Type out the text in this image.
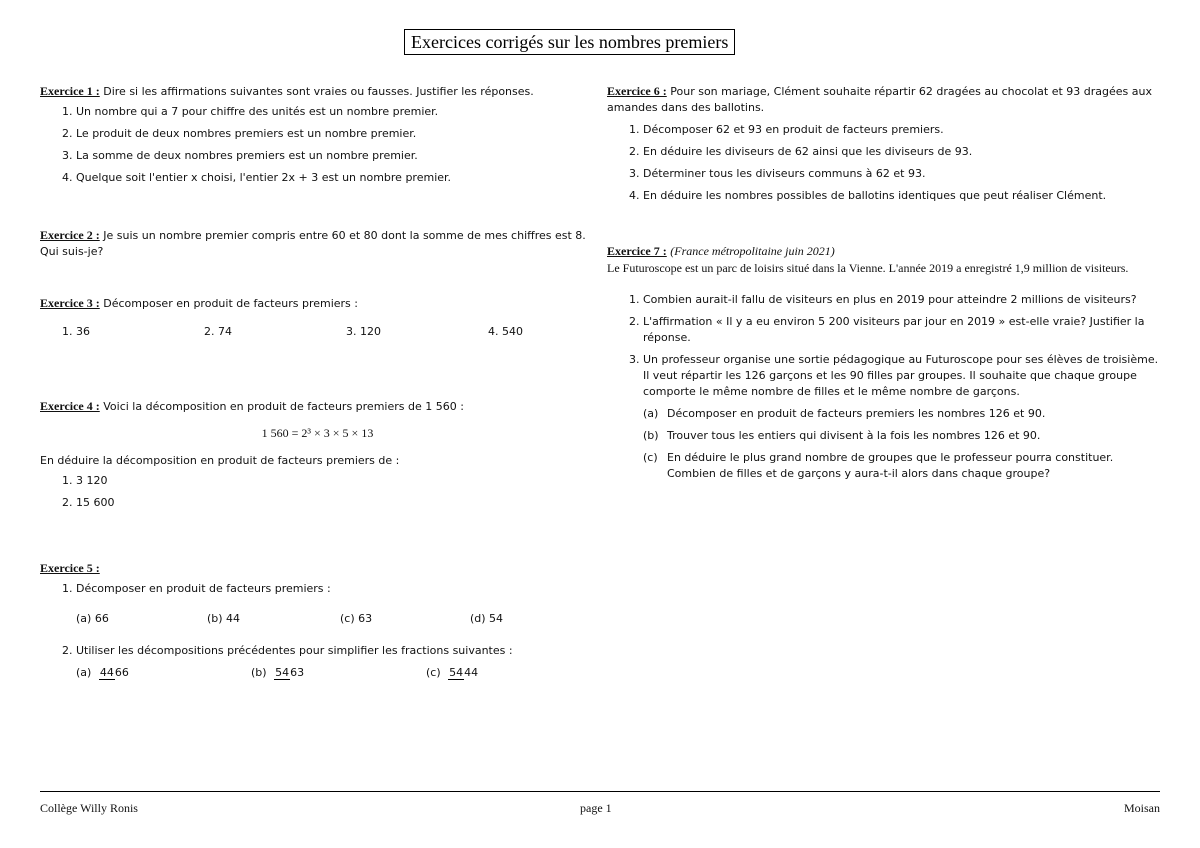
Exercices corrigés sur les nombres premiers
Exercice 1 : Dire si les affirmations suivantes sont vraies ou fausses. Justifier les réponses.
1. Un nombre qui a 7 pour chiffre des unités est un nombre premier.
2. Le produit de deux nombres premiers est un nombre premier.
3. La somme de deux nombres premiers est un nombre premier.
4. Quelque soit l'entier x choisi, l'entier 2x + 3 est un nombre premier.
Exercice 2 : Je suis un nombre premier compris entre 60 et 80 dont la somme de mes chiffres est 8. Qui suis-je?
Exercice 3 : Décomposer en produit de facteurs premiers :
1. 36	2. 74	3. 120	4. 540
Exercice 4 : Voici la décomposition en produit de facteurs premiers de 1 560 :
1 560 = 2³ × 3 × 5 × 13
En déduire la décomposition en produit de facteurs premiers de :
1. 3 120
2. 15 600
Exercice 5 :
1. Décomposer en produit de facteurs premiers :
(a) 66	(b) 44	(c) 63	(d) 54
2. Utiliser les décompositions précédentes pour simplifier les fractions suivantes :
(a) 4466	(b) 5463	(c) 5444
Exercice 6 : Pour son mariage, Clément souhaite répartir 62 dragées au chocolat et 93 dragées aux amandes dans des ballotins.
1. Décomposer 62 et 93 en produit de facteurs premiers.
2. En déduire les diviseurs de 62 ainsi que les diviseurs de 93.
3. Déterminer tous les diviseurs communs à 62 et 93.
4. En déduire les nombres possibles de ballotins identiques que peut réaliser Clément.
Exercice 7 : (France métropolitaine juin 2021)
Le Futuroscope est un parc de loisirs situé dans la Vienne. L'année 2019 a enregistré 1,9 million de visiteurs.
1. Combien aurait-il fallu de visiteurs en plus en 2019 pour atteindre 2 millions de visiteurs?
2. L'affirmation « Il y a eu environ 5 200 visiteurs par jour en 2019 » est-elle vraie? Justifier la réponse.
3. Un professeur organise une sortie pédagogique au Futuroscope pour ses élèves de troisième. Il veut répartir les 126 garçons et les 90 filles par groupes. Il souhaite que chaque groupe comporte le même nombre de filles et le même nombre de garçons.
(a) Décomposer en produit de facteurs premiers les nombres 126 et 90.
(b) Trouver tous les entiers qui divisent à la fois les nombres 126 et 90.
(c) En déduire le plus grand nombre de groupes que le professeur pourra constituer. Combien de filles et de garçons y aura-t-il alors dans chaque groupe?
Collège Willy Ronis	page 1	Moisan
